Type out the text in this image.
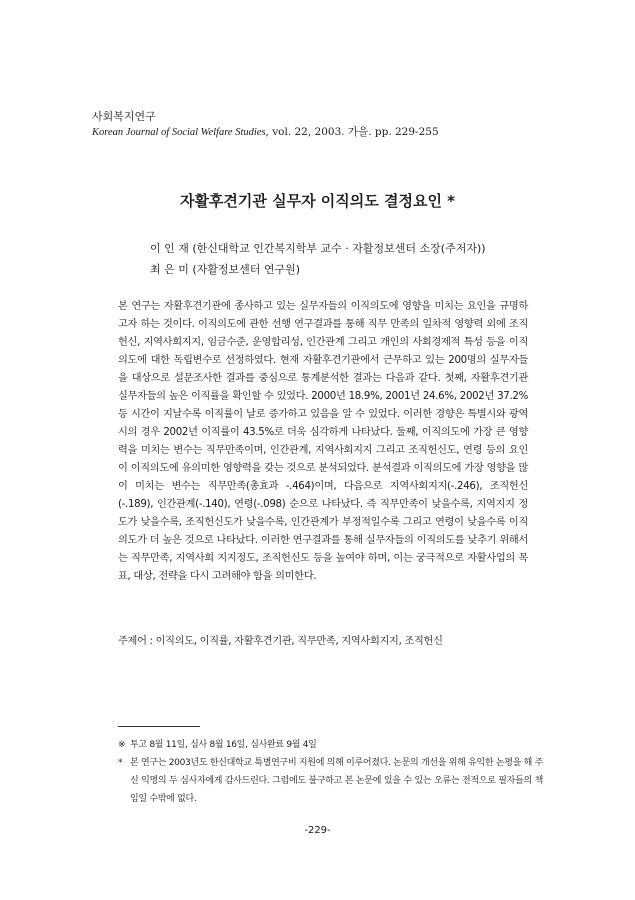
사회복지연구
Korean Journal of Social Welfare Studies, vol. 22, 2003. 가을. pp. 229-255
자활후견기관 실무자 이직의도 결정요인 *
이 인 재 (한신대학교 인간복지학부 교수 · 자활정보센터 소장(주저자))
최 은 미 (자활정보센터 연구원)
본 연구는 자활후견기관에 종사하고 있는 실무자들의 이직의도에 영향을 미치는 요인을 규명하고자 하는 것이다. 이직의도에 관한 선행 연구결과를 통해 직무 만족의 일차적 영향력 외에 조직헌신, 지역사회지지, 임금수준, 운영합리성, 인간관계 그리고 개인의 사회경제적 특성 등을 이직의도에 대한 독립변수로 선정하였다. 현재 자활후견기관에서 근무하고 있는 200명의 실무자들을 대상으로 설문조사한 결과를 중심으로 통계분석한 결과는 다음과 같다. 첫째, 자활후견기관 실무자들의 높은 이직률을 확인할 수 있었다. 2000년 18.9%, 2001년 24.6%, 2002년 37.2% 등 시간이 지날수록 이직률이 날로 증가하고 있음을 알 수 있었다. 이러한 경향은 특별시와 광역시의 경우 2002년 이직률이 43.5%로 더욱 심각하게 나타났다. 둘째, 이직의도에 가장 큰 영향력을 미치는 변수는 직무만족이며, 인간관계, 지역사회지지 그리고 조직헌신도, 연령 등의 요인이 이직의도에 유의미한 영향력을 갖는 것으로 분석되었다. 분석결과 이직의도에 가장 영향을 많이 미치는 변수는 직무만족(총효과 -.464)이며, 다음으로 지역사회지지(-.246), 조직헌신(-.189), 인간관계(-.140), 연령(-.098) 순으로 나타났다. 즉 직무만족이 낮을수록, 지역지지 정도가 낮을수록, 조직헌신도가 낮을수록, 인간관계가 부정적일수록 그리고 연령이 낮을수록 이직의도가 더 높은 것으로 나타났다. 이러한 연구결과를 통해 실무자들의 이직의도를 낮추기 위해서는 직무만족, 지역사회 지지정도, 조직헌신도 등을 높여야 하며, 이는 궁극적으로 자활사업의 목표, 대상, 전략을 다시 고려해야 함을 의미한다.
주제어 : 이직의도, 이직률, 자활후견기관, 직무만족, 지역사회지지, 조직헌신
※ 투고 8월 11일, 심사 8월 16일, 심사완료 9월 4일
* 본 연구는 2003년도 한신대학교 특별연구비 지원에 의해 이루어졌다. 논문의 개선을 위해 유익한 논평을 해 주신 익명의 두 심사자에게 감사드린다. 그럼에도 불구하고 본 논문에 있을 수 있는 오류는 전적으로 필자들의 책임일 수밖에 없다.
-229-
